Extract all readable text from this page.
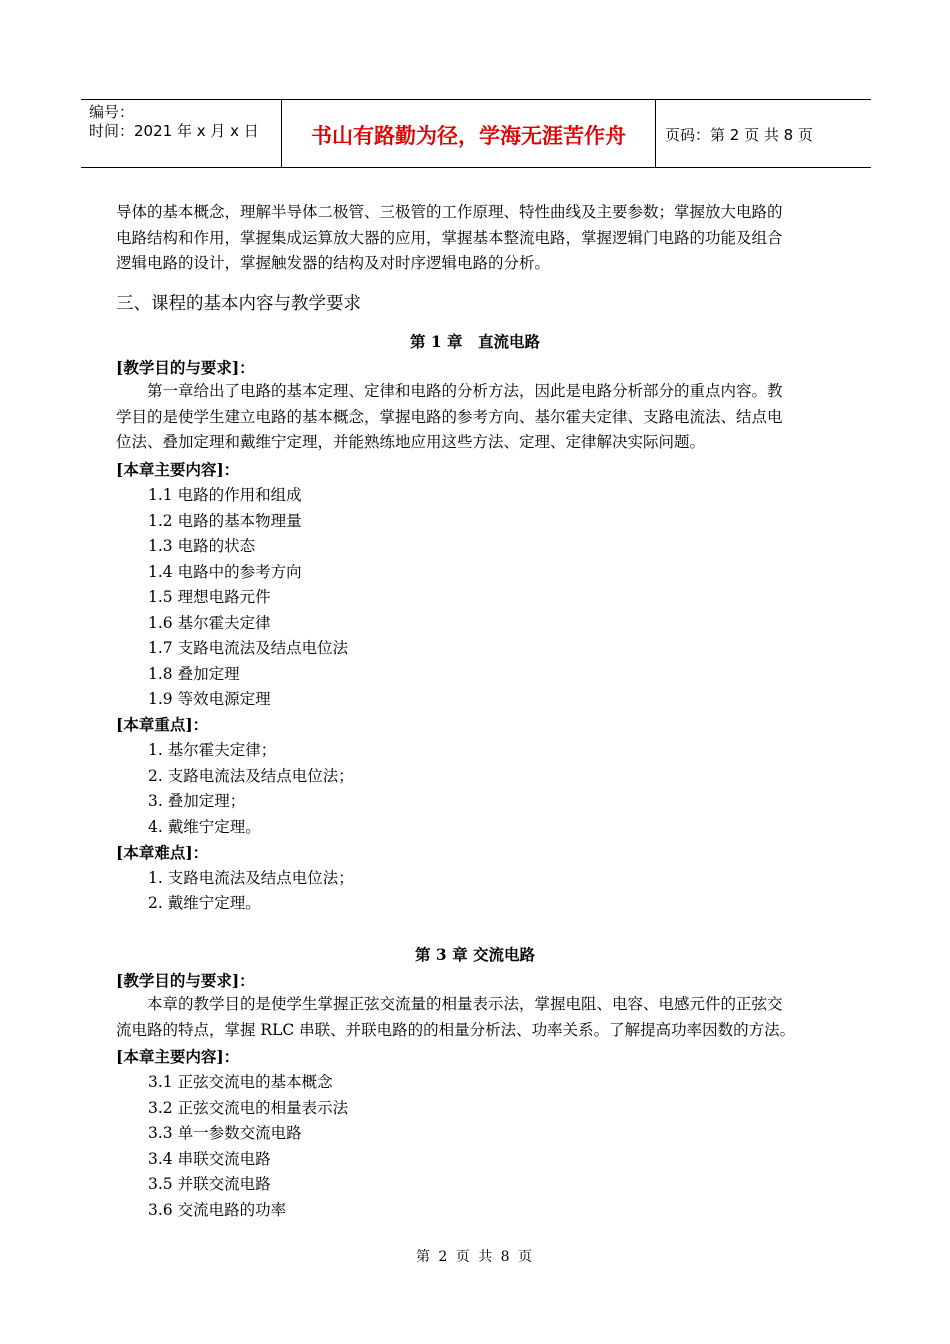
编号：
时间：2021 年 x 月 x 日	书山有路勤为径，学海无涯苦作舟	页码：第 2 页 共 8 页
导体的基本概念，理解半导体二极管、三极管的工作原理、特性曲线及主要参数；掌握放大电路的
电路结构和作用，掌握集成运算放大器的应用，掌握基本整流电路，掌握逻辑门电路的功能及组合
逻辑电路的设计，掌握触发器的结构及对时序逻辑电路的分析。
三、课程的基本内容与教学要求
第 1 章　直流电路
[教学目的与要求]：
第一章给出了电路的基本定理、定律和电路的分析方法，因此是电路分析部分的重点内容。教
学目的是使学生建立电路的基本概念，掌握电路的参考方向、基尔霍夫定律、支路电流法、结点电
位法、叠加定理和戴维宁定理，并能熟练地应用这些方法、定理、定律解决实际问题。
[本章主要内容]：
1.1 电路的作用和组成
1.2 电路的基本物理量
1.3 电路的状态
1.4 电路中的参考方向
1.5 理想电路元件
1.6 基尔霍夫定律
1.7 支路电流法及结点电位法
1.8 叠加定理
1.9 等效电源定理
[本章重点]：
1. 基尔霍夫定律；
2. 支路电流法及结点电位法；
3. 叠加定理；
4. 戴维宁定理。
[本章难点]：
1. 支路电流法及结点电位法；
2. 戴维宁定理。
第 3 章 交流电路
[教学目的与要求]：
本章的教学目的是使学生掌握正弦交流量的相量表示法，掌握电阻、电容、电感元件的正弦交
流电路的特点，掌握 RLC 串联、并联电路的的相量分析法、功率关系。了解提高功率因数的方法。
[本章主要内容]：
3.1 正弦交流电的基本概念
3.2 正弦交流电的相量表示法
3.3 单一参数交流电路
3.4 串联交流电路
3.5 并联交流电路
3.6 交流电路的功率
第 2 页 共 8 页
